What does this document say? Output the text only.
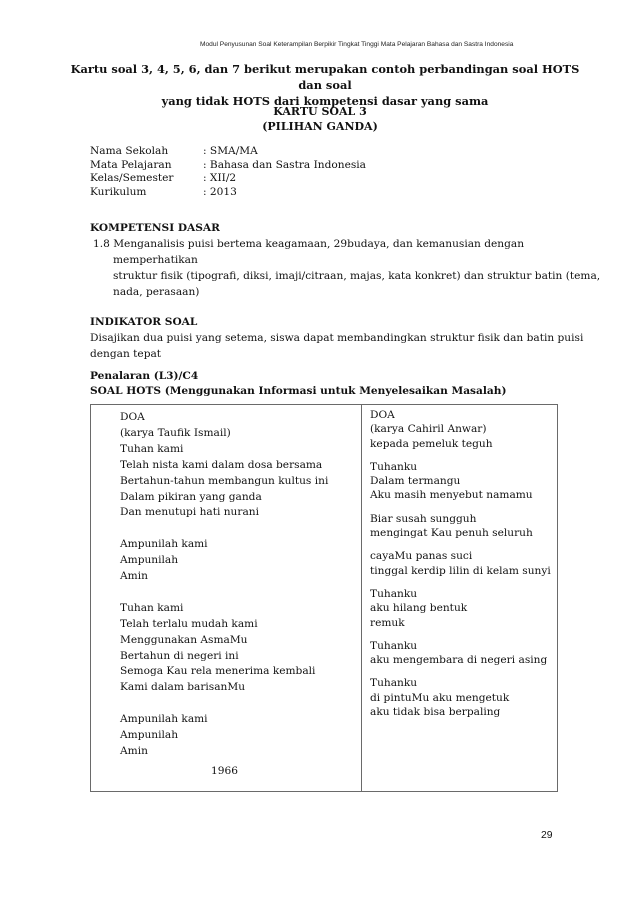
Modul Penyusunan Soal Keterampilan Berpikir Tingkat Tinggi Mata Pelajaran Bahasa dan Sastra Indonesia
Kartu soal 3, 4, 5, 6, dan 7 berikut merupakan contoh perbandingan soal HOTS dan soal
yang tidak HOTS dari kompetensi dasar yang sama
KARTU SOAL 3
(PILIHAN GANDA)
Nama Sekolah	: SMA/MA
Mata Pelajaran	: Bahasa dan Sastra Indonesia
Kelas/Semester	: XII/2
Kurikulum	: 2013
KOMPETENSI DASAR
1.8 Menganalisis puisi bertema keagamaan, 29budaya, dan kemanusian dengan
memperhatikan
struktur fisik (tipografi, diksi, imaji/citraan, majas, kata konkret) dan struktur batin (tema,
nada, perasaan)
INDIKATOR SOAL
Disajikan dua puisi yang setema, siswa dapat membandingkan struktur fisik dan batin puisi
dengan tepat
Penalaran (L3)/C4
SOAL HOTS (Menggunakan Informasi untuk Menyelesaikan Masalah)
DOA
(karya Taufik Ismail)
Tuhan kami
Telah nista kami dalam dosa bersama
Bertahun-tahun membangun kultus ini
Dalam pikiran yang ganda
Dan menutupi hati nurani
Ampunilah kami
Ampunilah
Amin
Tuhan kami
Telah terlalu mudah kami
Menggunakan AsmaMu
Bertahun di negeri ini
Semoga Kau rela menerima kembali
Kami dalam barisanMu
Ampunilah kami
Ampunilah
Amin
1966

DOA
(karya Cahiril Anwar)
kepada pemeluk teguh
Tuhanku
Dalam termangu
Aku masih menyebut namamu
Biar susah sungguh
mengingat Kau penuh seluruh
cayaMu panas suci
tinggal kerdip lilin di kelam sunyi
Tuhanku
aku hilang bentuk
remuk
Tuhanku
aku mengembara di negeri asing
Tuhanku
di pintuMu aku mengetuk
aku tidak bisa berpaling
29
